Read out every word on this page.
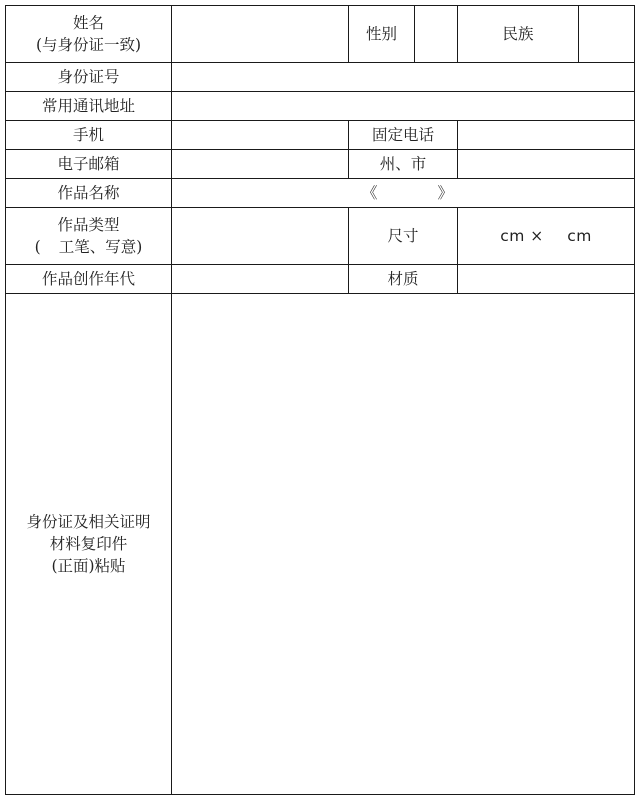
姓名
(与身份证一致)		性别		民族	
身份证号					
常用通讯地址					
手机		固定电话			
电子邮箱		州、市			
作品名称	《 》				

作品类型
( 工笔、写意)		尺寸		cm × cm	
作品创作年代		材质			

身份证及相关证明
材料复印件
(正面)粘贴					
